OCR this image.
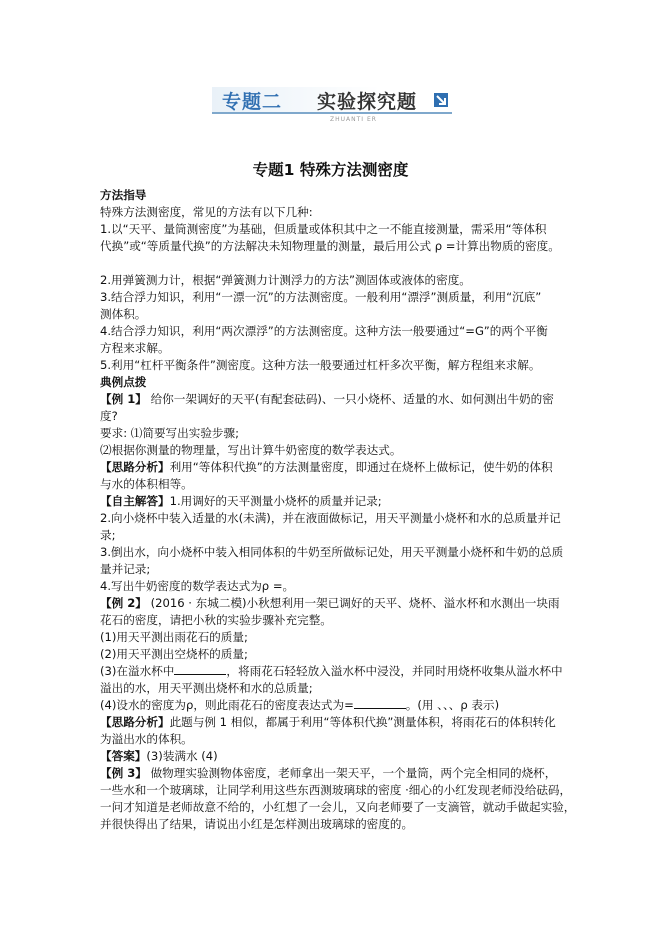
专题二 实验探究题
ZHUANTI ER
专题1 特殊方法测密度
方法指导
特殊方法测密度，常见的方法有以下几种:
1.以“天平、量筒测密度”为基础，但质量或体积其中之一不能直接测量，需采用“等体积
代换”或“等质量代换”的方法解决未知物理量的测量，最后用公式 ρ =计算出物质的密度。
2.用弹簧测力计，根据“弹簧测力计测浮力的方法”测固体或液体的密度。
3.结合浮力知识，利用“一漂一沉”的方法测密度。一般利用“漂浮”测质量，利用“沉底”
测体积。
4.结合浮力知识，利用“两次漂浮”的方法测密度。这种方法一般要通过“=G”的两个平衡
方程来求解。
5.利用“杠杆平衡条件”测密度。这种方法一般要通过杠杆多次平衡，解方程组来求解。
典例点拨
【例 1】 给你一架调好的天平(有配套砝码)、一只小烧杯、适量的水、如何测出牛奶的密
度?
要求: ⑴简要写出实验步骤;
⑵根据你测量的物理量，写出计算牛奶密度的数学表达式。
【思路分析】利用“等体积代换”的方法测量密度，即通过在烧杯上做标记，使牛奶的体积
与水的体积相等。
【自主解答】1.用调好的天平测量小烧杯的质量并记录;
2.向小烧杯中装入适量的水(未满)，并在液面做标记，用天平测量小烧杯和水的总质量并记
录;
3.倒出水，向小烧杯中装入相同体积的牛奶至所做标记处，用天平测量小烧杯和牛奶的总质
量并记录;
4.写出牛奶密度的数学表达式为ρ =。
【例 2】 (2016 · 东城二模)小秋想利用一架已调好的天平、烧杯、溢水杯和水测出一块雨
花石的密度，请把小秋的实验步骤补充完整。
(1)用天平测出雨花石的质量;
(2)用天平测出空烧杯的质量;
(3)在溢水杯中	，将雨花石轻轻放入溢水杯中浸没，并同时用烧杯收集从溢水杯中
溢出的水，用天平测出烧杯和水的总质量;
(4)设水的密度为ρ，则此雨花石的密度表达式为=	。(用 、、、ρ 表示)
【思路分析】此题与例 1 相似，都属于利用“等体积代换”测量体积，将雨花石的体积转化
为溢出水的体积。
【答案】(3)装满水 (4)
【例 3】 做物理实验测物体密度，老师拿出一架天平，一个量筒，两个完全相同的烧杯，
一些水和一个玻璃球，让同学利用这些东西测玻璃球的密度 ·细心的小红发现老师没给砝码，
一问才知道是老师故意不给的，小红想了一会儿，又向老师要了一支滴管，就动手做起实验，
并很快得出了结果，请说出小红是怎样测出玻璃球的密度的。
